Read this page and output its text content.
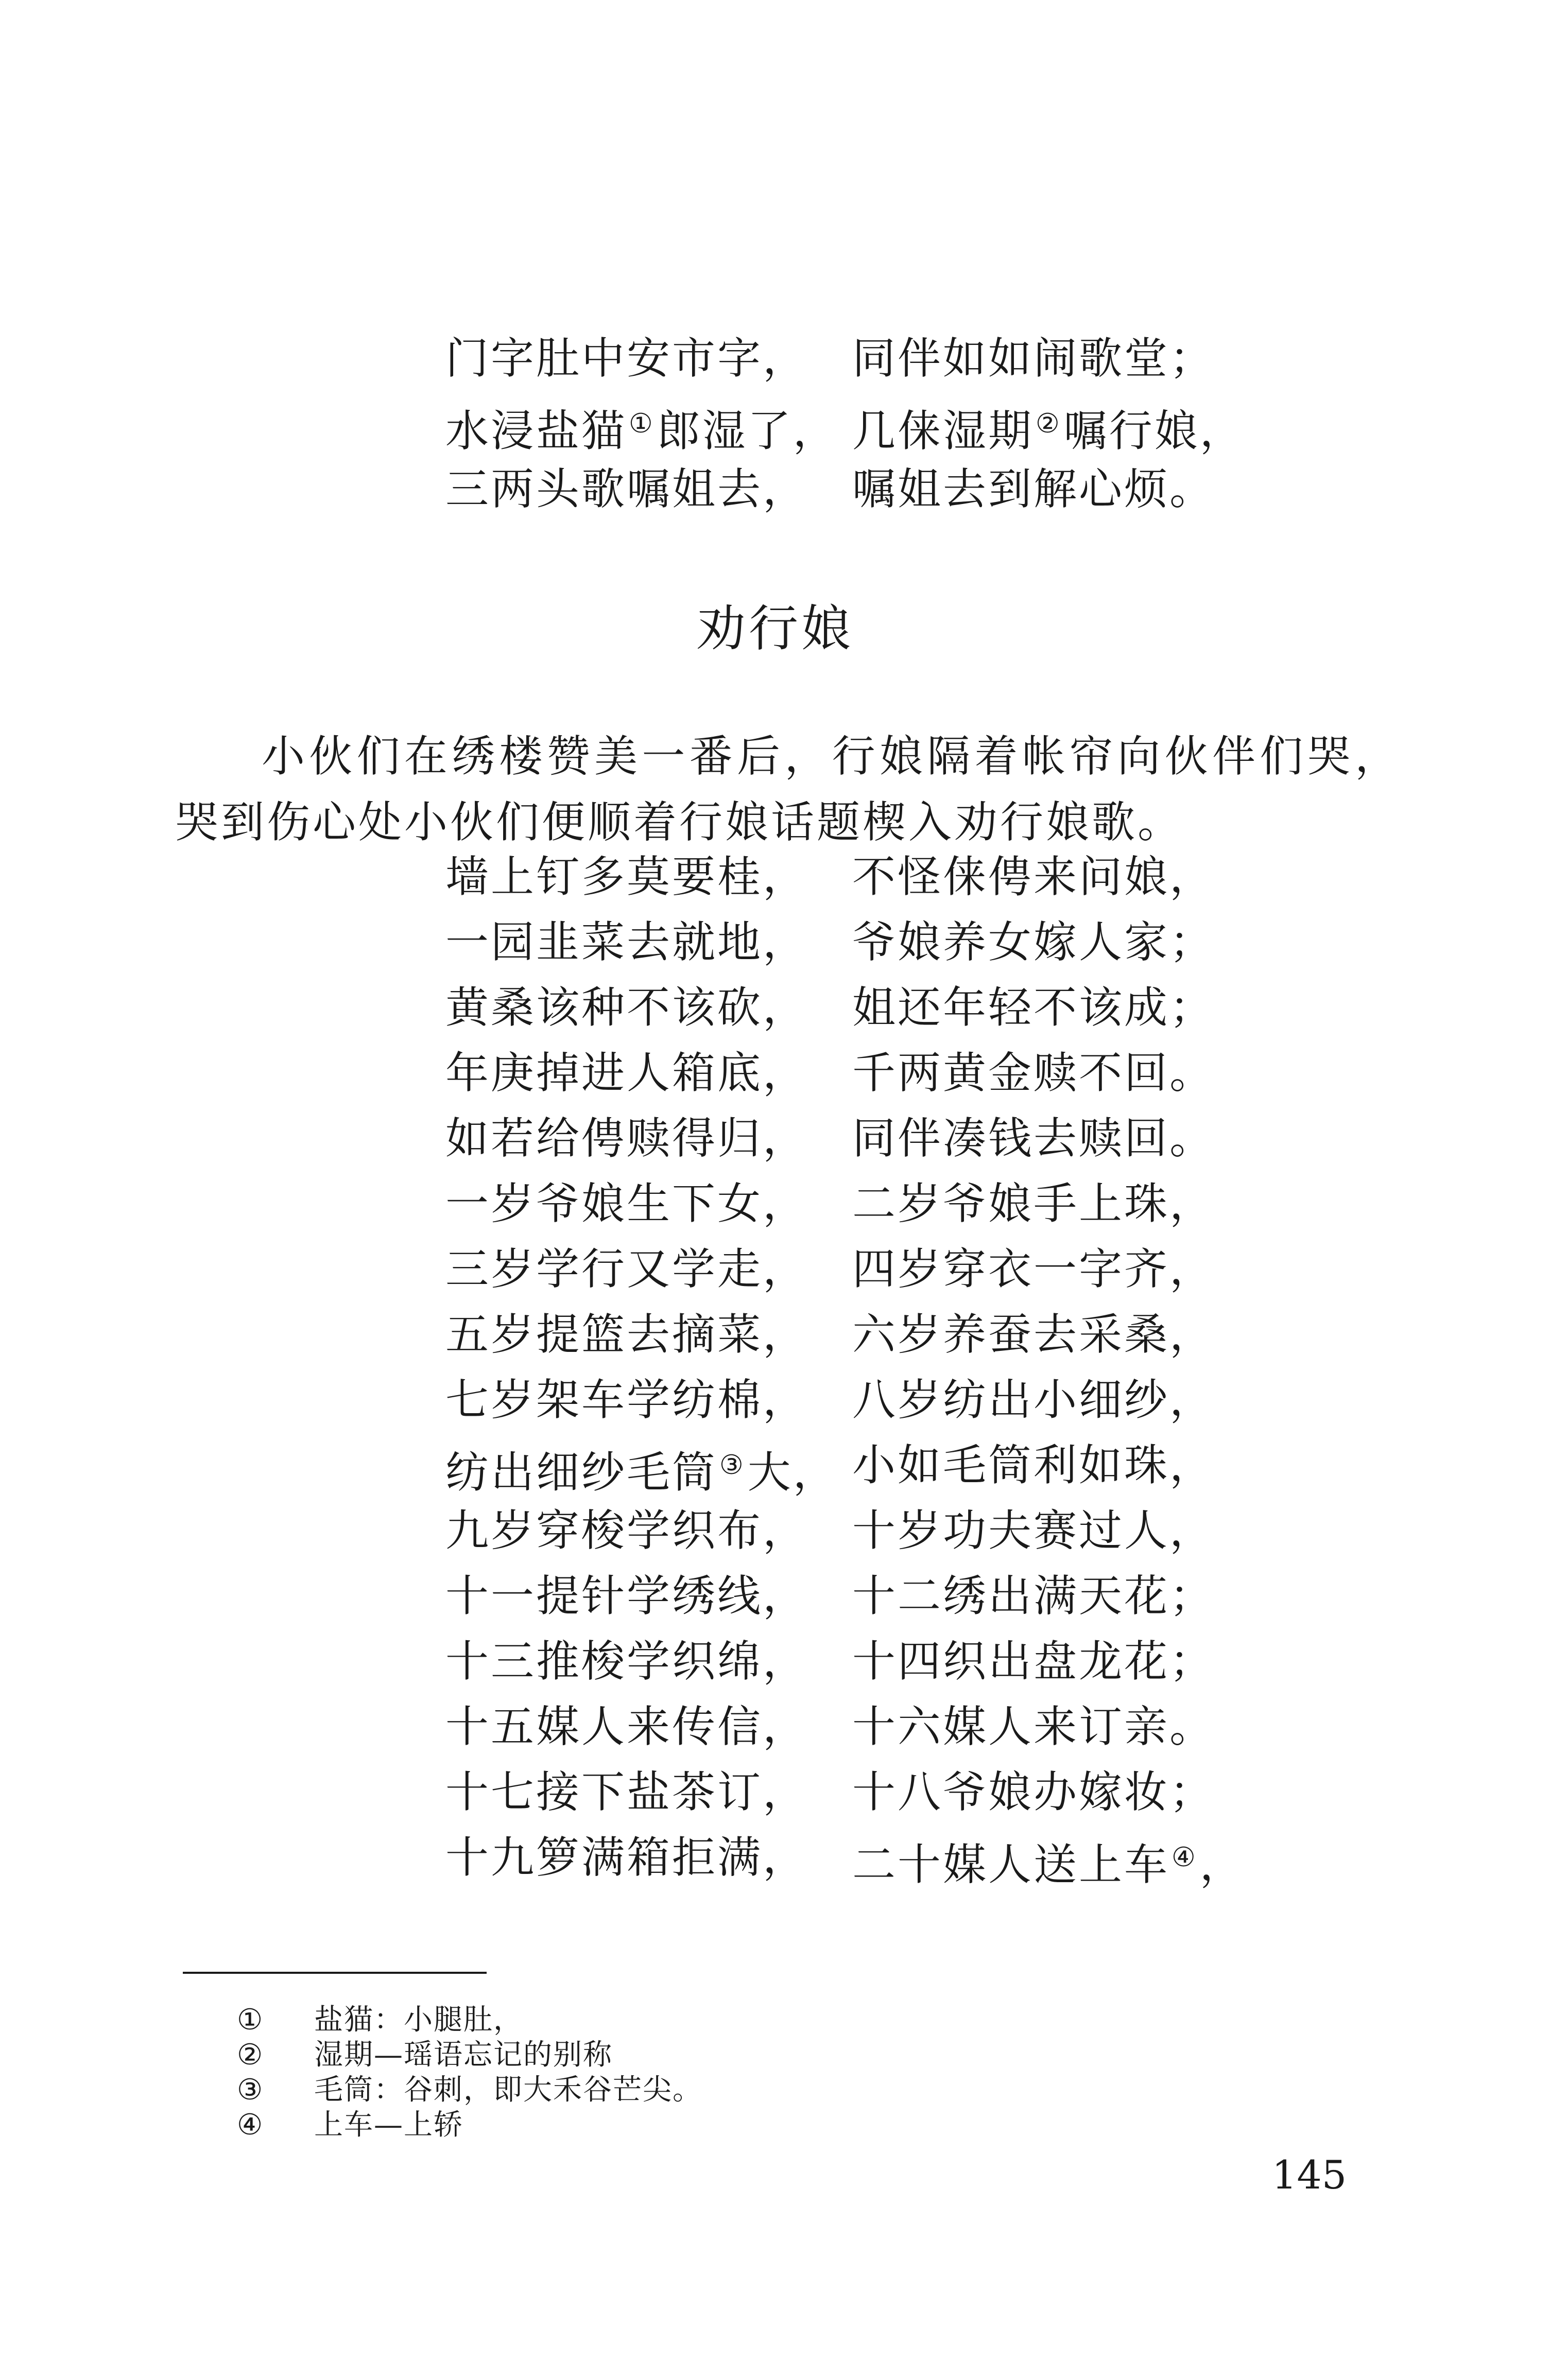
门字肚中安市字，	同伴如如闹歌堂；
水浸盐猫①郎湿了， 几俫湿期②嘱行娘，
三两头歌嘱姐去，	嘱姐去到解心烦。
劝行娘

小伙们在绣楼赞美一番后，行娘隔着帐帘向伙伴们哭，哭到伤心处小伙们便顺着行娘话题楔入劝行娘歌。

墙上钉多莫要桂，	不怪俫俜来问娘，
一园韭菜去就地，	爷娘养女嫁人家；
黄桑该种不该砍，	姐还年轻不该成；
年庚掉进人箱底，	千两黄金赎不回。
如若给俜赎得归，	同伴凑钱去赎回。
一岁爷娘生下女，	二岁爷娘手上珠，
三岁学行又学走，	四岁穿衣一字齐，
五岁提篮去摘菜，	六岁养蚕去采桑，
七岁架车学纺棉，	八岁纺出小细纱，
纺出细纱毛筒③大， 小如毛筒利如珠，
九岁穿梭学织布，	十岁功夫赛过人，
十一提针学绣线，	十二绣出满天花；
十三推梭学织绵，	十四织出盘龙花；
十五媒人来传信，	十六媒人来订亲。
十七接下盐茶订，	十八爷娘办嫁妆；
十九箩满箱拒满，	二十媒人送上车④，
① 盐猫：小腿肚，
② 湿期—瑶语忘记的别称
③ 毛筒：谷刺，即大禾谷芒尖。
④ 上车—上轿
145
